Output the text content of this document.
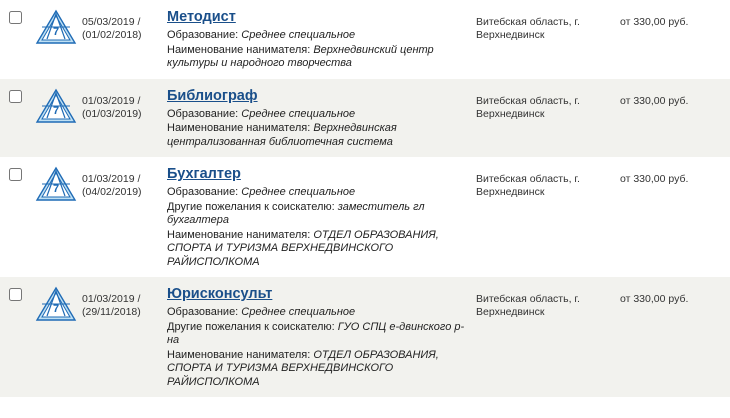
7
05/03/2019 /
(01/02/2018)
Методист
Образование: Среднее специальное
Наименование нанимателя: Верхнедвинский центр культуры и народного творчества
Витебская область, г. Верхнедвинск
от 330,00 руб.
7
01/03/2019 /
(01/03/2019)
Библиограф
Образование: Среднее специальное
Наименование нанимателя: Верхнедвинская централизованная библиотечная система
Витебская область, г. Верхнедвинск
от 330,00 руб.
7
01/03/2019 /
(04/02/2019)
Бухгалтер
Образование: Среднее специальное
Другие пожелания к соискателю: заместитель гл бухгалтера
Наименование нанимателя: ОТДЕЛ ОБРАЗОВАНИЯ, СПОРТА И ТУРИЗМА ВЕРХНЕДВИНСКОГО РАЙИСПОЛКОМА
Витебская область, г. Верхнедвинск
от 330,00 руб.
7
01/03/2019 /
(29/11/2018)
Юрисконсульт
Образование: Среднее специальное
Другие пожелания к соискателю: ГУО СПЦ е-двинского р-на
Наименование нанимателя: ОТДЕЛ ОБРАЗОВАНИЯ, СПОРТА И ТУРИЗМА ВЕРХНЕДВИНСКОГО РАЙИСПОЛКОМА
Витебская область, г. Верхнедвинск
от 330,00 руб.
